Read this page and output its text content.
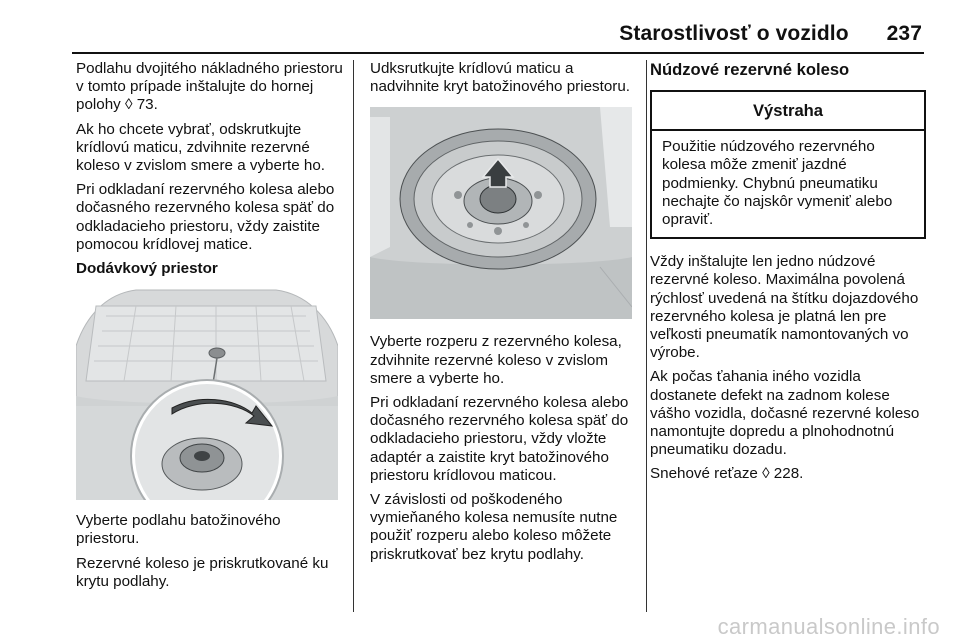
Starostlivosť o vozidlo 237

Podlahu dvojitého nákladného priestoru v tomto prípade inštalujte do hornej polohy ◊ 73.

Ak ho chcete vybrať, odskrutkujte krídlovú maticu, zdvihnite rezervné koleso v zvislom smere a vyberte ho.

Pri odkladaní rezervného kolesa alebo dočasného rezervného kolesa späť do odkladacieho priestoru, vždy zaistite pomocou krídlovej matice.

Dodávkový priestor

Vyberte podlahu batožinového priestoru.

Rezervné koleso je priskrutkované ku krytu podlahy.

Udksrutkujte krídlovú maticu a nadvihnite kryt batožinového priestoru.

Vyberte rozperu z rezervného kolesa, zdvihnite rezervné koleso v zvislom smere a vyberte ho.

Pri odkladaní rezervného kolesa alebo dočasného rezervného kolesa späť do odkladacieho priestoru, vždy vložte adaptér a zaistite kryt batožinového priestoru krídlovou maticou.

V závislosti od poškodeného vymieňaného kolesa nemusíte nutne použiť rozperu alebo koleso môžete priskrutkovať bez krytu podlahy.

Núdzové rezervné koleso
Výstraha
Použitie núdzového rezervného kolesa môže zmeniť jazdné podmienky. Chybnú pneumatiku nechajte čo najskôr vymeniť alebo opraviť.

Vždy inštalujte len jedno núdzové rezervné koleso. Maximálna povolená rýchlosť uvedená na štítku dojazdového rezervného kolesa je platná len pre veľkosti pneumatík namontovaných vo výrobe.

Ak počas ťahania iného vozidla dostanete defekt na zadnom kolese vášho vozidla, dočasné rezervné koleso namontujte dopredu a plnohodnotnú pneumatiku dozadu.

Snehové reťaze ◊ 228.

carmanualsonline.info
